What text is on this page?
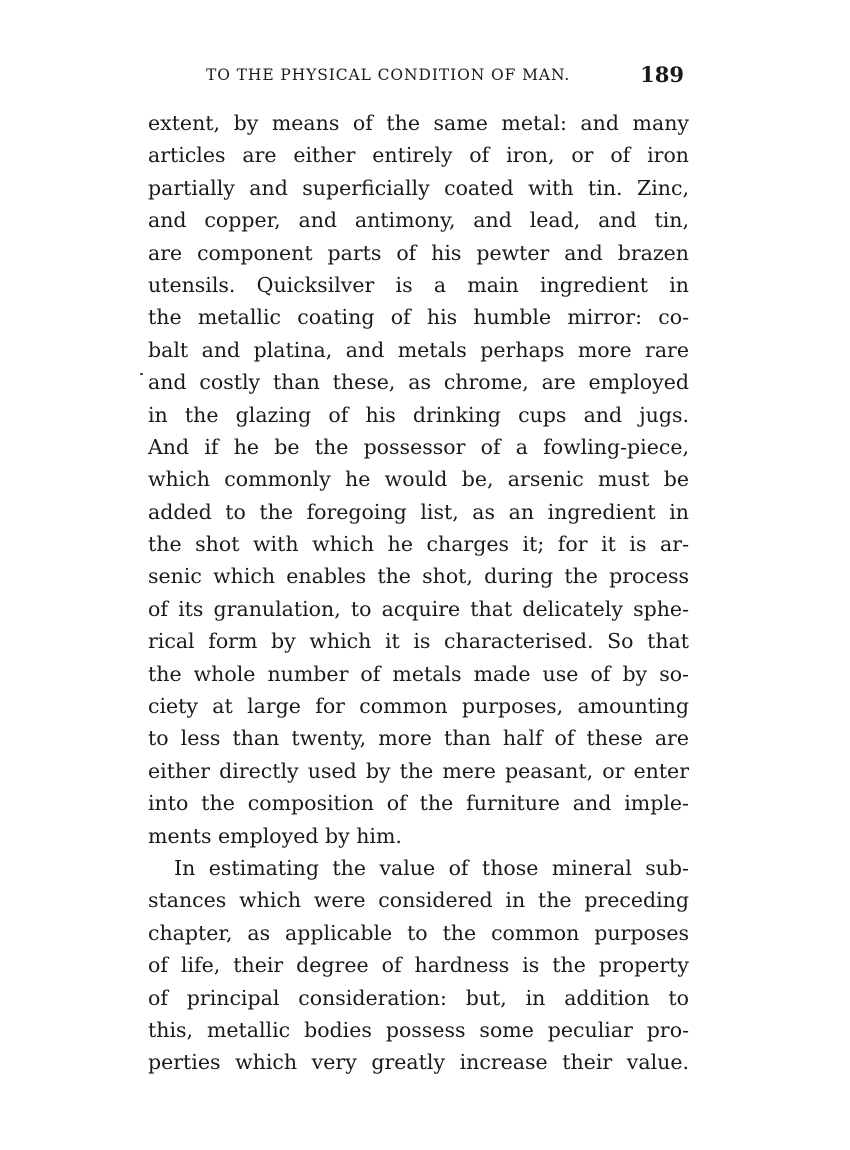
TO THE PHYSICAL CONDITION OF MAN.	189
extent, by means of the same metal: and many
articles are either entirely of iron, or of iron
partially and superficially coated with tin. Zinc,
and copper, and antimony, and lead, and tin,
are component parts of his pewter and brazen
utensils. Quicksilver is a main ingredient in
the metallic coating of his humble mirror: co-
balt and platina, and metals perhaps more rare
and costly than these, as chrome, are employed
in the glazing of his drinking cups and jugs.
And if he be the possessor of a fowling-piece,
which commonly he would be, arsenic must be
added to the foregoing list, as an ingredient in
the shot with which he charges it; for it is ar-
senic which enables the shot, during the process
of its granulation, to acquire that delicately sphe-
rical form by which it is characterised. So that
the whole number of metals made use of by so-
ciety at large for common purposes, amounting
to less than twenty, more than half of these are
either directly used by the mere peasant, or enter
into the composition of the furniture and imple-
ments employed by him.
In estimating the value of those mineral sub-
stances which were considered in the preceding
chapter, as applicable to the common purposes
of life, their degree of hardness is the property
of principal consideration: but, in addition to
this, metallic bodies possess some peculiar pro-
perties which very greatly increase their value.
